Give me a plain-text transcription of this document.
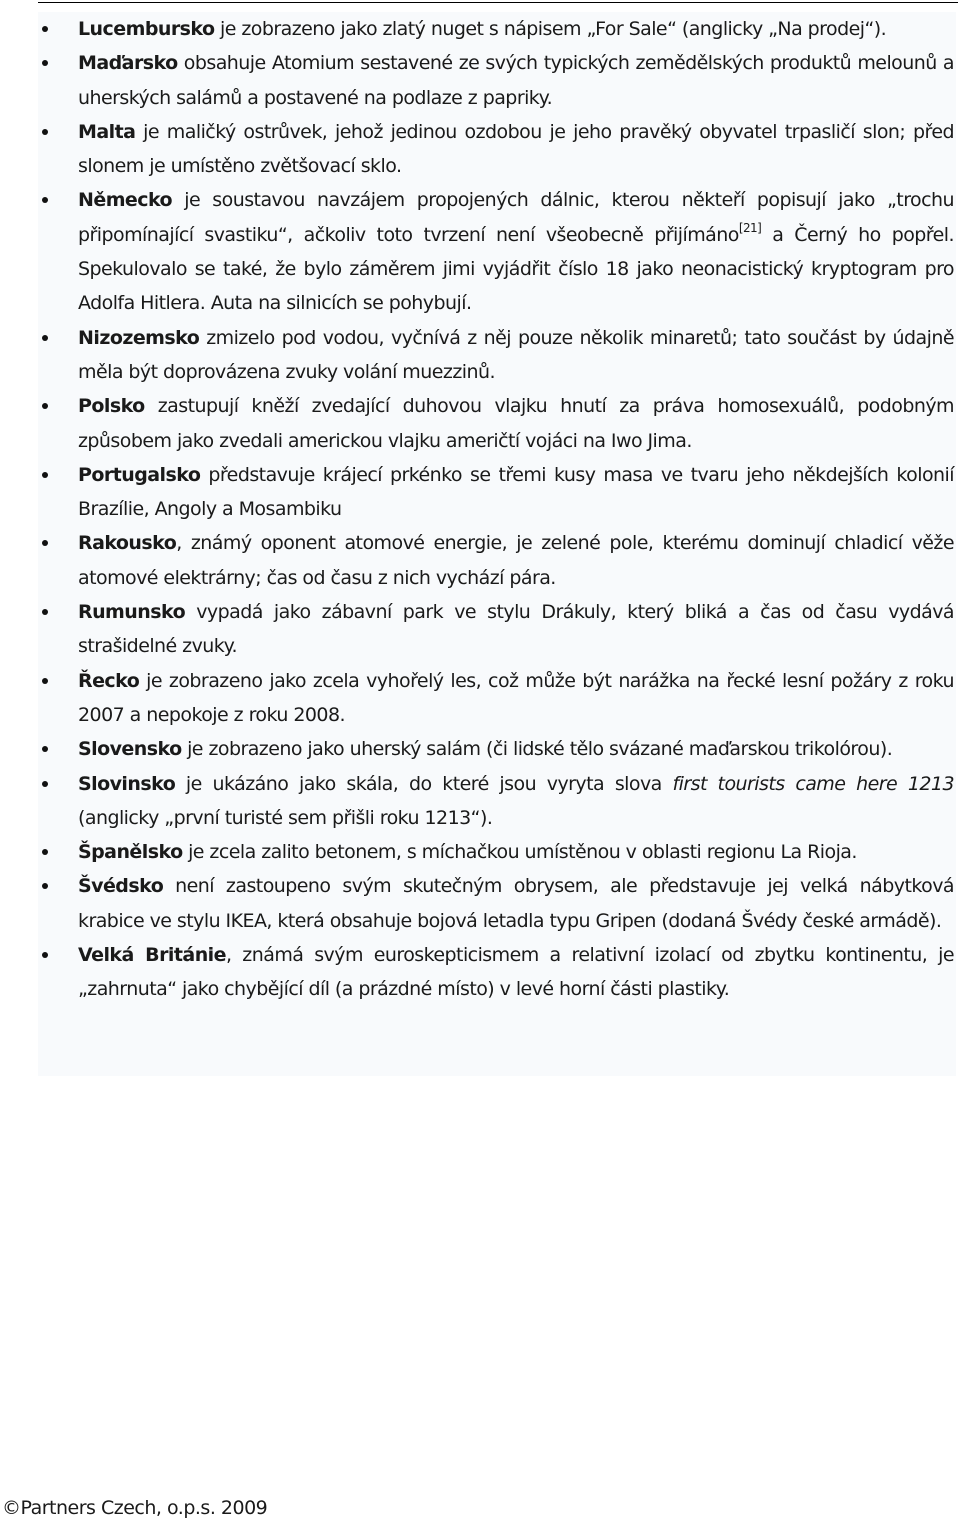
Lucembursko je zobrazeno jako zlatý nuget s nápisem „For Sale“ (anglicky „Na prodej“).
Maďarsko obsahuje Atomium sestavené ze svých typických zemědělských produktů melounů a uherských salámů a postavené na podlaze z papriky.
Malta je maličký ostrůvek, jehož jedinou ozdobou je jeho pravěký obyvatel trpasličí slon; před slonem je umístěno zvětšovací sklo.
Německo je soustavou navzájem propojených dálnic, kterou někteří popisují jako „trochu připomínající svastiku“, ačkoliv toto tvrzení není všeobecně přijímáno[21] a Černý ho popřel. Spekulovalo se také, že bylo záměrem jimi vyjádřit číslo 18 jako neonacistický kryptogram pro Adolfa Hitlera. Auta na silnicích se pohybují.
Nizozemsko zmizelo pod vodou, vyčnívá z něj pouze několik minaretů; tato součást by údajně měla být doprovázena zvuky volání muezzinů.
Polsko zastupují kněží zvedající duhovou vlajku hnutí za práva homosexuálů, podobným způsobem jako zvedali americkou vlajku američtí vojáci na Iwo Jima.
Portugalsko představuje krájecí prkénko se třemi kusy masa ve tvaru jeho někdejších kolonií Brazílie, Angoly a Mosambiku
Rakousko, známý oponent atomové energie, je zelené pole, kterému dominují chladicí věže atomové elektrárny; čas od času z nich vychází pára.
Rumunsko vypadá jako zábavní park ve stylu Drákuly, který bliká a čas od času vydává strašidelné zvuky.
Řecko je zobrazeno jako zcela vyhořelý les, což může být narážka na řecké lesní požáry z roku 2007 a nepokoje z roku 2008.
Slovensko je zobrazeno jako uherský salám (či lidské tělo svázané maďarskou trikolórou).
Slovinsko je ukázáno jako skála, do které jsou vyryta slova first tourists came here 1213 (anglicky „první turisté sem přišli roku 1213“).
Španělsko je zcela zalito betonem, s míchačkou umístěnou v oblasti regionu La Rioja.
Švédsko není zastoupeno svým skutečným obrysem, ale představuje jej velká nábytková krabice ve stylu IKEA, která obsahuje bojová letadla typu Gripen (dodaná Švédy české armádě).
Velká Británie, známá svým euroskepticismem a relativní izolací od zbytku kontinentu, je „zahrnuta“ jako chybějící díl (a prázdné místo) v levé horní části plastiky.
©Partners Czech, o.p.s. 2009
